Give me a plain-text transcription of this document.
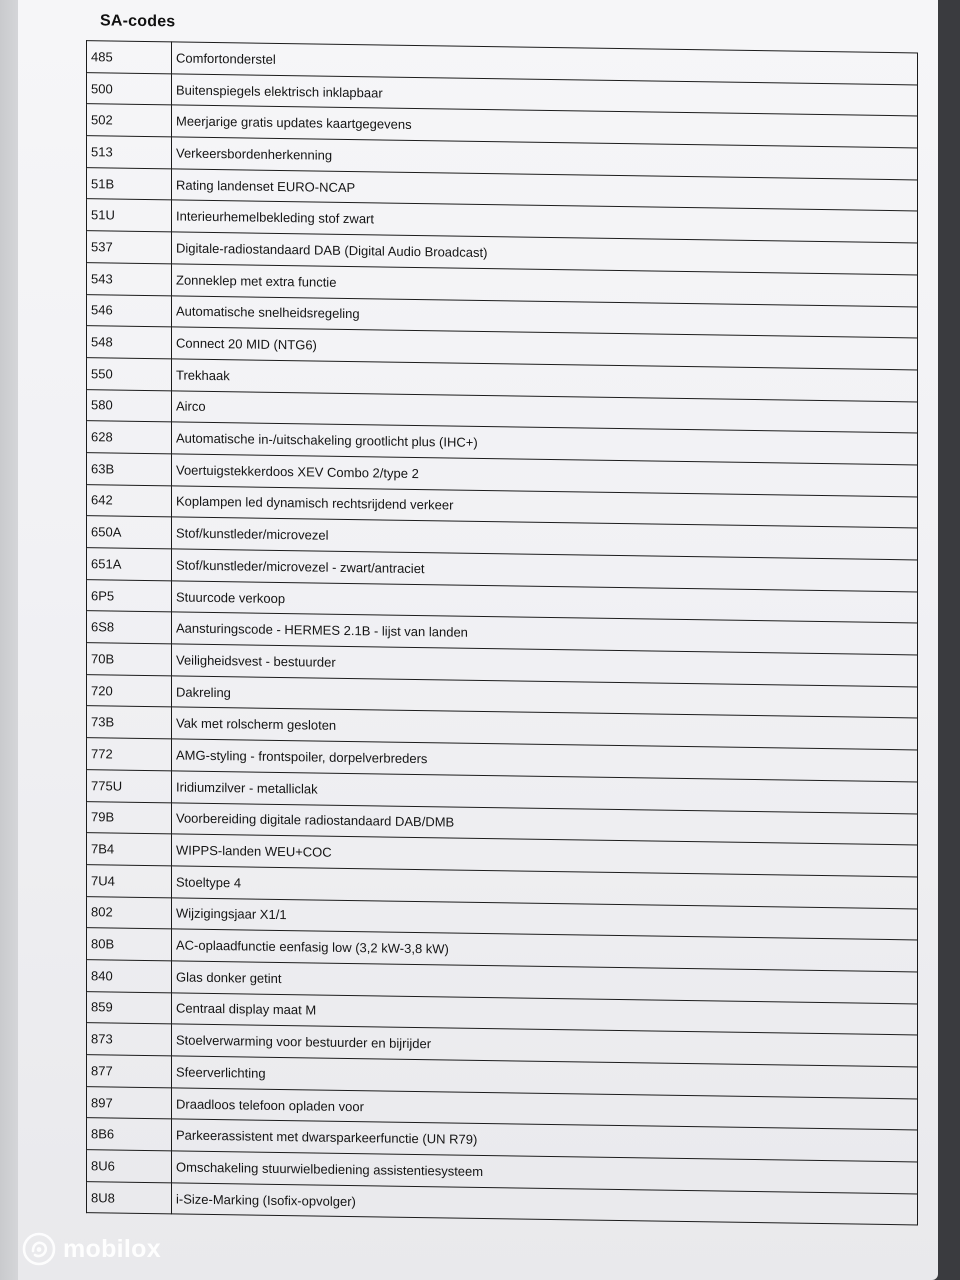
SA-codes
485	Comfortonderstel
500	Buitenspiegels elektrisch inklapbaar
502	Meerjarige gratis updates kaartgegevens
513	Verkeersbordenherkenning
51B	Rating landenset EURO-NCAP
51U	Interieurhemelbekleding stof zwart
537	Digitale-radiostandaard DAB (Digital Audio Broadcast)
543	Zonneklep met extra functie
546	Automatische snelheidsregeling
548	Connect 20 MID (NTG6)
550	Trekhaak
580	Airco
628	Automatische in-/uitschakeling grootlicht plus (IHC+)
63B	Voertuigstekkerdoos XEV Combo 2/type 2
642	Koplampen led dynamisch rechtsrijdend verkeer
650A	Stof/kunstleder/microvezel
651A	Stof/kunstleder/microvezel - zwart/antraciet
6P5	Stuurcode verkoop
6S8	Aansturingscode - HERMES 2.1B - lijst van landen
70B	Veiligheidsvest - bestuurder
720	Dakreling
73B	Vak met rolscherm gesloten
772	AMG-styling - frontspoiler, dorpelverbreders
775U	Iridiumzilver - metalliclak
79B	Voorbereiding digitale radiostandaard DAB/DMB
7B4	WIPPS-landen WEU+COC
7U4	Stoeltype 4
802	Wijzigingsjaar X1/1
80B	AC-oplaadfunctie eenfasig low (3,2 kW-3,8 kW)
840	Glas donker getint
859	Centraal display maat M
873	Stoelverwarming voor bestuurder en bijrijder
877	Sfeerverlichting
897	Draadloos telefoon opladen voor
8B6	Parkeerassistent met dwarsparkeerfunctie (UN R79)
8U6	Omschakeling stuurwielbediening assistentiesysteem
8U8	i-Size-Marking (Isofix-opvolger)
mobilox
